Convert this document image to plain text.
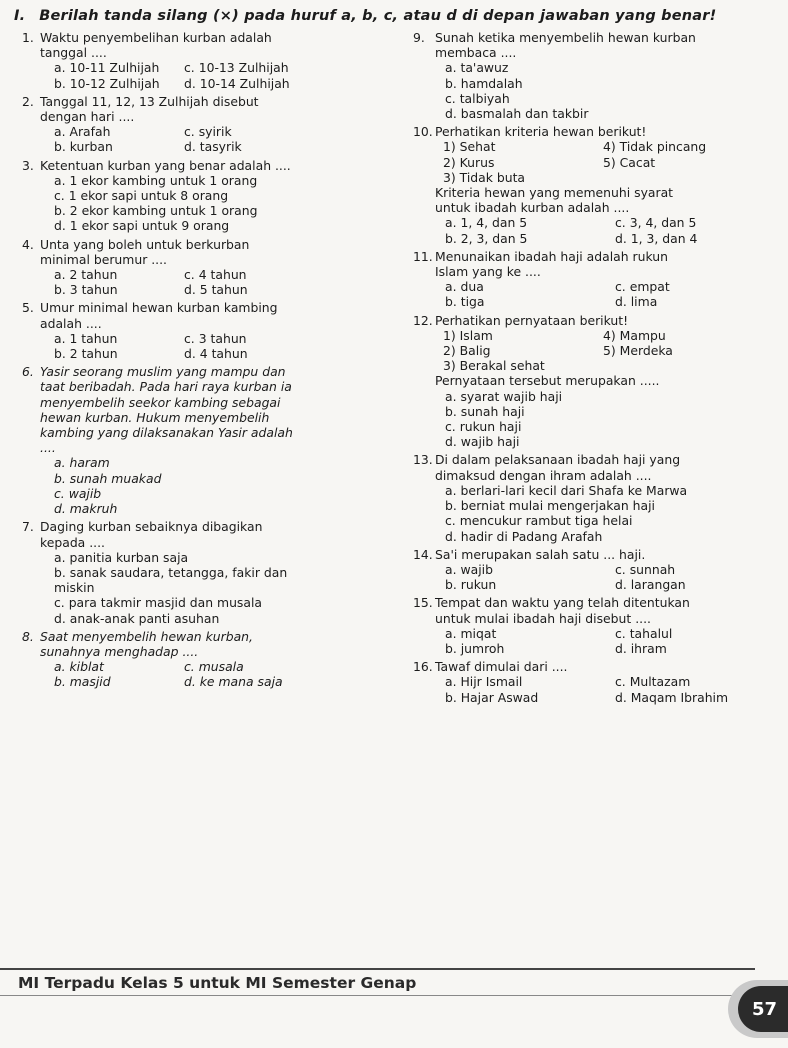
I. Berilah tanda silang (×) pada huruf a, b, c, atau d di depan jawaban yang benar!
1. Waktu penyembelihan kurban adalah
tanggal ....
a. 10-11 Zulhijah	c. 10-13 Zulhijah
b. 10-12 Zulhijah	d. 10-14 Zulhijah
2. Tanggal 11, 12, 13 Zulhijah disebut
dengan hari ....
a. Arafah	c. syirik
b. kurban	d. tasyrik
3. Ketentuan kurban yang benar adalah ....
a. 1 ekor kambing untuk 1 orang
c. 1 ekor sapi untuk 8 orang
b. 2 ekor kambing untuk 1 orang
d. 1 ekor sapi untuk 9 orang
4. Unta yang boleh untuk berkurban
minimal berumur ....
a. 2 tahun	c. 4 tahun
b. 3 tahun	d. 5 tahun
5. Umur minimal hewan kurban kambing
adalah ....
a. 1 tahun	c. 3 tahun
b. 2 tahun	d. 4 tahun
6. Yasir seorang muslim yang mampu dan
taat beribadah. Pada hari raya kurban ia
menyembelih seekor kambing sebagai
hewan kurban. Hukum menyembelih
kambing yang dilaksanakan Yasir adalah
....
a. haram
b. sunah muakad
c. wajib
d. makruh
7. Daging kurban sebaiknya dibagikan
kepada ....
a. panitia kurban saja
b. sanak saudara, tetangga, fakir dan
miskin
c. para takmir masjid dan musala
d. anak-anak panti asuhan
8. Saat menyembelih hewan kurban,
sunahnya menghadap ....
a. kiblat	c. musala
b. masjid	d. ke mana saja
9. Sunah ketika menyembelih hewan kurban
membaca ....
a. ta'awuz
b. hamdalah
c. talbiyah
d. basmalah dan takbir
10. Perhatikan kriteria hewan berikut!
1) Sehat	4) Tidak pincang
2) Kurus	5) Cacat
3) Tidak buta
Kriteria hewan yang memenuhi syarat
untuk ibadah kurban adalah ....
a. 1, 4, dan 5	c. 3, 4, dan 5
b. 2, 3, dan 5	d. 1, 3, dan 4
11. Menunaikan ibadah haji adalah rukun
Islam yang ke ....
a. dua	c. empat
b. tiga	d. lima
12. Perhatikan pernyataan berikut!
1) Islam	4) Mampu
2) Balig	5) Merdeka
3) Berakal sehat
Pernyataan tersebut merupakan .....
a. syarat wajib haji
b. sunah haji
c. rukun haji
d. wajib haji
13. Di dalam pelaksanaan ibadah haji yang
dimaksud dengan ihram adalah ....
a. berlari-lari kecil dari Shafa ke Marwa
b. berniat mulai mengerjakan haji
c. mencukur rambut tiga helai
d. hadir di Padang Arafah
14. Sa'i merupakan salah satu ... haji.
a. wajib	c. sunnah
b. rukun	d. larangan
15. Tempat dan waktu yang telah ditentukan
untuk mulai ibadah haji disebut ....
a. miqat	c. tahalul
b. jumroh	d. ihram
16. Tawaf dimulai dari ....
a. Hijr Ismail	c. Multazam
b. Hajar Aswad	d. Maqam Ibrahim
MI Terpadu Kelas 5 untuk MI Semester Genap
57
